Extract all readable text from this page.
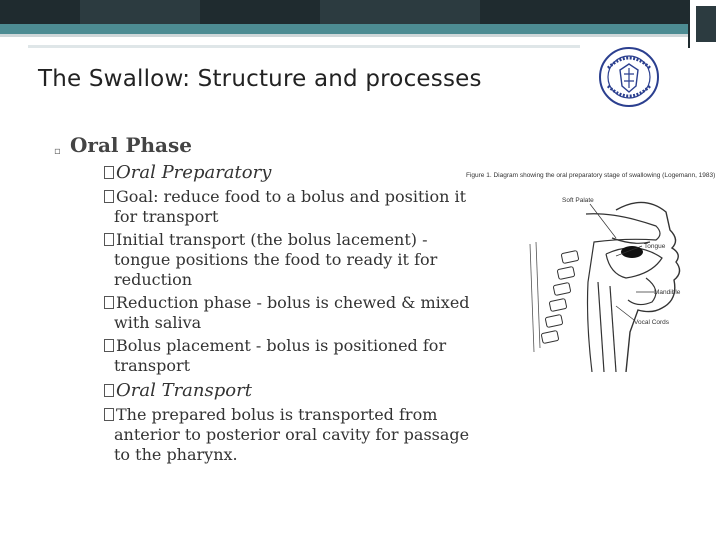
The Swallow: Structure and processes
▫ Oral Phase
Oral Preparatory
Goal: reduce food to a bolus and position it for transport
Initial transport (the bolus lacement) - tongue positions the food to ready it for reduction
Reduction phase - bolus is chewed & mixed with saliva
Bolus placement - bolus is positioned for transport
Oral Transport
The prepared bolus is transported from anterior to posterior oral cavity for passage to the pharynx.
Figure 1. Diagram showing the oral preparatory stage of swallowing (Logemann, 1983)
Soft Palate
Tongue
Mandible
Vocal Cords
